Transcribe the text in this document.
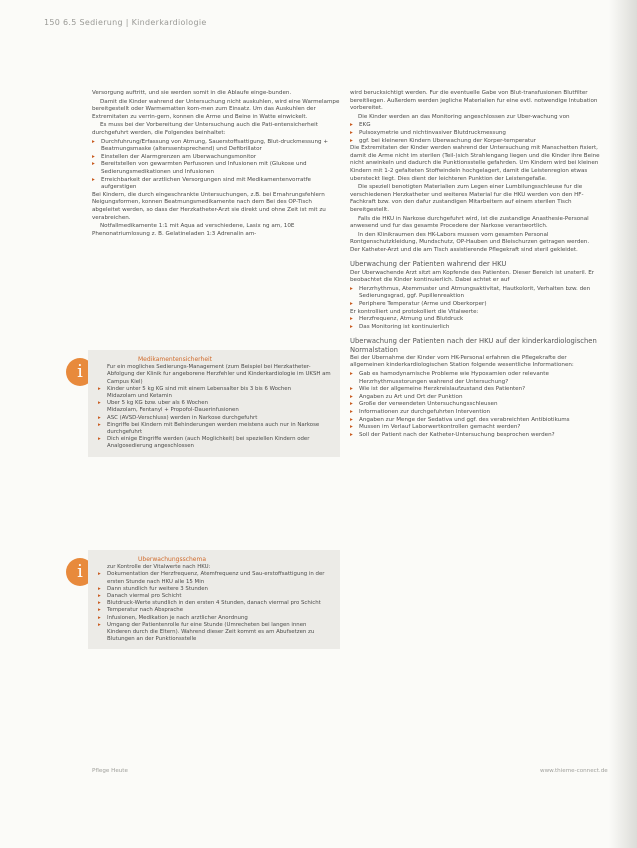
150 6.5 Sedierung | Kinderkardiologie

Versorgung auftritt, und sie werden somit in die Ablaufe einge-bunden.

Damit die Kinder wahrend der Untersuchung nicht auskuhlen, wird eine Warmelampe bereitgestellt oder Warmematten kom-men zum Einsatz. Um das Auskuhlen der Extremitaten zu verrin-gern, konnen die Arme und Beine in Watte einwickelt.

Es muss bei der Vorbereitung der Untersuchung auch die Pati-entensicherheit durchgefuhrt werden, die Folgendes beinhaltet:

▸ Durchfuhrung/Erfassung von Atmung, Sauerstoffsattigung, Blut-druckmessung + Beatmungsmaske (alterssentsprechend) und Defibrillator
▸ Einstellen der Alarmgrenzen am Uberwachungsmonitor
▸ Bereitstellen von gewarmten Perfusoren und Infusionen mit (Glukose und Sedierungsmedikationen und Infusionen
▸ Erreichbarkeit der arztlichen Versorgungen sind mit Medikamentenvorratfe aufgerstigen

Bei Kindern, die durch eingeschrankte Untersuchungen, z.B. bei Ernahrungsfehlern Neigungsformen, konnen Beatmungsmedikamente nach dem Bei des OP-Tisch abgeleitet werden, so dass der Herzkatheter-Arzt sie direkt und ohne Zeit ist mit zu verabreichen.

Notfallmedikamente 1:1 mit Aqua ad verschiedene, Lasix ng am, 10E Phenonatriumlosung z. B. Gelatineladen 1:3 Adrenalin am-

i

Medikamentensicherheit

Fur ein mogliches Sedierungs-Management (zum Beispiel bei Herzkatheter-Abfolgung der Klinik fur angeborene Herzfehler und Kinderkardiologie im UKSH am Campus Kiel)
▸ Kinder unter 5 kg KG sind mit einem Lebensalter bis 3 bis 6 Wochen
Midazolam und Ketamin
▸ Uber 5 kg KG bzw. uber als 6 Wochen
Midazolam, Fentanyl + Propofol-Dauerinfusionen
▸ ASC (AVSD-Verschluss) werden in Narkose durchgefuhrt
▸ Eingriffe bei Kindern mit Behinderungen werden meistens auch nur in Narkose durchgefuhrt
▸ Dich einige Eingriffe werden (auch Moglichkeit) bei speziellen Kindern oder Analgosedierung angeschlossen
i

Uberwachungsschema

zur Kontrolle der Vitalwerte nach HKU:
▸ Dokumentation der Herzfrequenz, Atemfrequenz und Sau-erstoffsattigung in der ersten Stunde nach HKU alle 15 Min
▸ Dann stundlich fur weitere 3 Stunden
▸ Danach viermal pro Schicht
▸ Blutdruck-Werte stundlich in den ersten 4 Stunden, danach viermal pro Schicht
▸ Temperatur nach Absprache
▸ Infusionen, Medikation je nach arztlicher Anordnung
▸ Umgang der Patientenrolle fur eine Stunde (Umrecheten bei langen innen Kinderen durch die Eltern). Wahrend dieser Zeit kommt es am Abufsetzen zu Blutungen an der Punktionsstelle

wird berucksichtigt werden. Fur die eventuelle Gabe von Blut-transfusionen Blutfilter bereitliegen. Außerdem werden jegliche Materialien fur eine evtl. notwendige Intubation vorbereitet.

Die Kinder werden an das Monitoring angeschlossen zur Uber-wachung von

▸ EKG
▸ Pulsoxymetrie und nichtinvasiver Blutdruckmessung
▸ ggf. bei kleineren Kindern Uberwachung der Korper-temperatur

Die Extremitaten der Kinder werden wahrend der Untersuchung mit Manschetten fixiert, damit die Arme nicht im sterilen (Teil-)sich Strahlengang liegen und die Kinder ihre Beine nicht anwinkeln und dadurch die Punktionsstelle gefahrden. Um Kindern wird bei kleinen Kindern mit 1-2 gefalteten Stoffwindeln hochgelagert, damit die Leistenregion etwas ubersteckt liegt. Dies dient der leichteren Punktion der Leistengefaße.

Die speziell benotigten Materialien zum Legen einer Lumbilungsschleuse fur die verschiedenen Herzkatheter und weiteres Material fur die HKU werden von den HF-Fachkraft bzw. von den dafur zustandigen Mitarbeitern auf einem sterilen Tisch bereitgestellt.

Falls die HKU in Narkose durchgefuhrt wird, ist die zustandige Anasthesie-Personal anwesend und fur das gesamte Procedere der Narkose verantwortlich.

In den Klinikraumen des HK-Labors mussen vom gesamten Personal Rontgenschutzkleidung, Mundschutz, OP-Hauben und Bleischurzen getragen werden. Der Katheter-Arzt und die am Tisch assistierende Pflegekraft sind steril gekleidet.

Uberwachung der Patienten wahrend der HKU

Der Uberwachende Arzt sitzt am Kopfende des Patienten. Dieser Bereich ist unsteril. Er beobachtet die Kinder kontinuierlich. Dabei achtet er auf

▸ Herzrhythmus, Atemmuster und Atmungsaktivitat, Hautkolorit, Verhalten bzw. den Sedierungsgrad, ggf. Pupillenreaktion
▸ Periphere Temperatur (Arme und Oberkorper)
Er kontrolliert und protokolliert die Vitalwerte:
▸ Herzfrequenz, Atmung und Blutdruck
▸ Das Monitoring ist kontinuierlich

Uberwachung der Patienten nach der HKU auf der kinderkardiologischen Normalstation

Bei der Ubernahme der Kinder vom HK-Personal erfahren die Pflegekrafte der allgemeinen kinderkardiologischen Station folgende wesentliche Informationen:

▸ Gab es hamodynamische Probleme wie Hypoxamien oder relevante Herzrhythmusstorungen wahrend der Untersuchung?
▸ Wie ist der allgemeine Herzkreislaufzustand des Patienten?
▸ Angaben zu Art und Ort der Punktion
▸ Große der verwendeten Untersuchungsschleusen
▸ Informationen zur durchgefuhrten Intervention
▸ Angaben zur Menge der Sedativa und ggf. des verabreichten Antibiotikums
▸ Mussen im Verlauf Laborwertkontrollen gemacht werden?
▸ Soll der Patient nach der Katheter-Untersuchung besprochen werden?
Pflege Heute	www.thieme-connect.de
